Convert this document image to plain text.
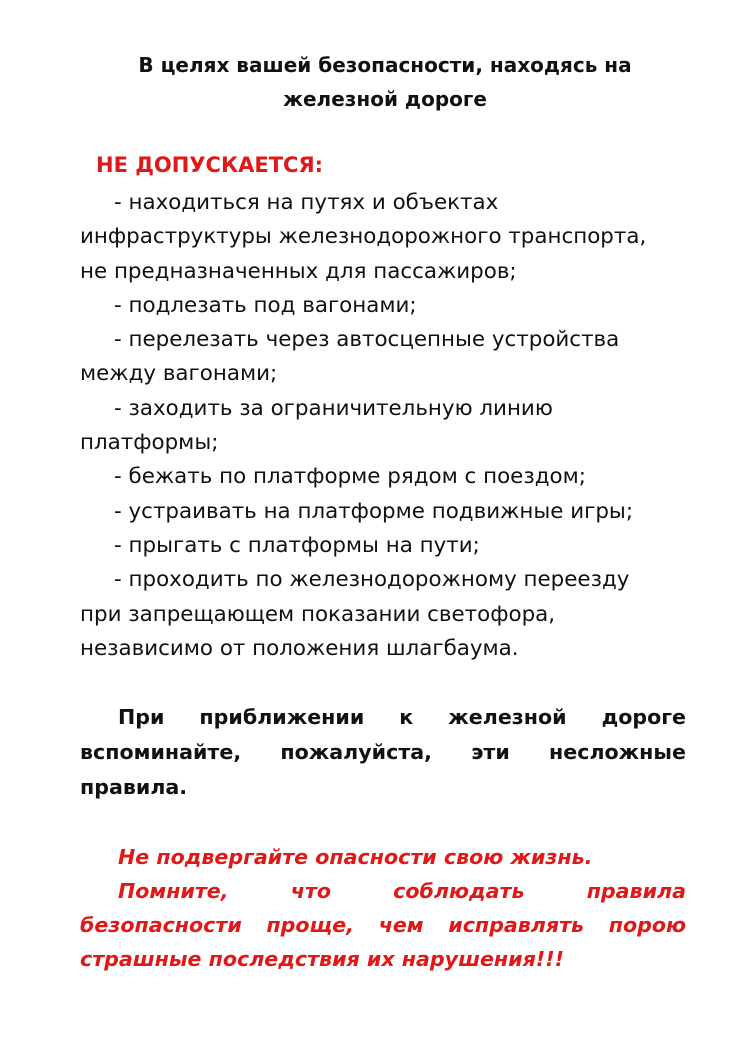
В целях вашей безопасности, находясь на
железной дороге
НЕ ДОПУСКАЕТСЯ:
- находиться на путях и объектах
инфраструктуры железнодорожного транспорта,
не предназначенных для пассажиров;
- подлезать под вагонами;
- перелезать через автосцепные устройства
между вагонами;
- заходить за ограничительную линию
платформы;
- бежать по платформе рядом с поездом;
- устраивать на платформе подвижные игры;
- прыгать с платформы на пути;
- проходить по железнодорожному переезду
при запрещающем показании светофора,
независимо от положения шлагбаума.
При приближении к железной дороге вспоминайте, пожалуйста, эти несложные правила.
Не подвергайте опасности свою жизнь.
Помните, что соблюдать правила безопасности проще, чем исправлять порою страшные последствия их нарушения!!!
